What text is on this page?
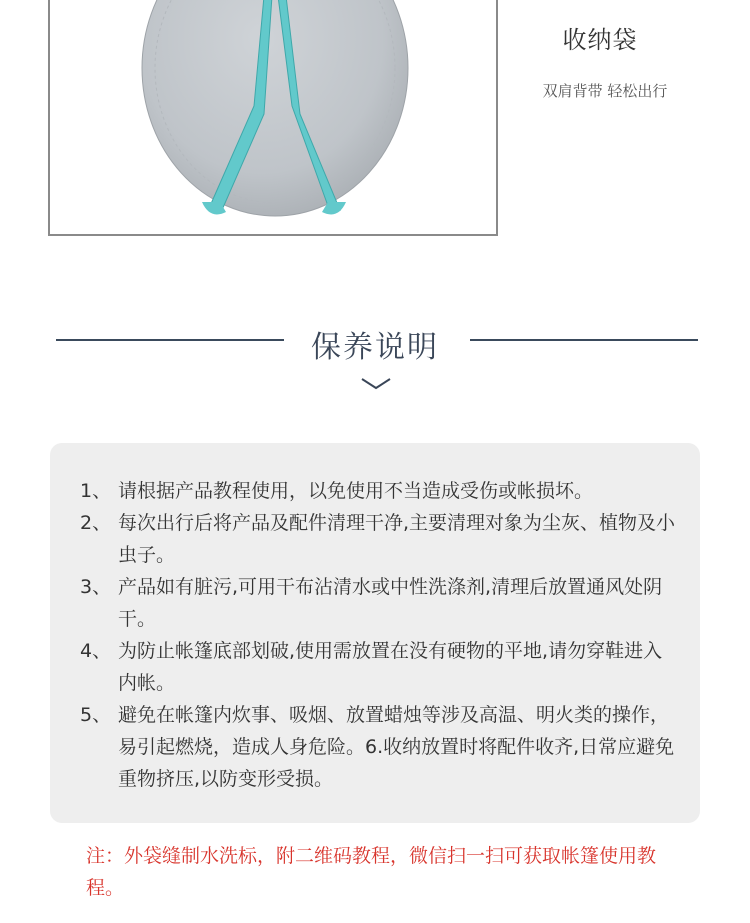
收纳袋
双肩背带 轻松出行
保养说明
1、 请根据产品教程使用，以免使用不当造成受伤或帐损坏。
2、 每次出行后将产品及配件清理干净,主要清理对象为尘灰、植物及小虫子。
3、 产品如有脏污,可用干布沾清水或中性洗涤剂,清理后放置通风处阴干。
4、 为防止帐篷底部划破,使用需放置在没有硬物的平地,请勿穿鞋进入内帐。
5、 避免在帐篷内炊事、吸烟、放置蜡烛等涉及高温、明火类的操作，易引起燃烧，造成人身危险。6.收纳放置时将配件收齐,日常应避免重物挤压,以防变形受损。
注：外袋缝制水洗标，附二维码教程，微信扫一扫可获取帐篷使用教程。
